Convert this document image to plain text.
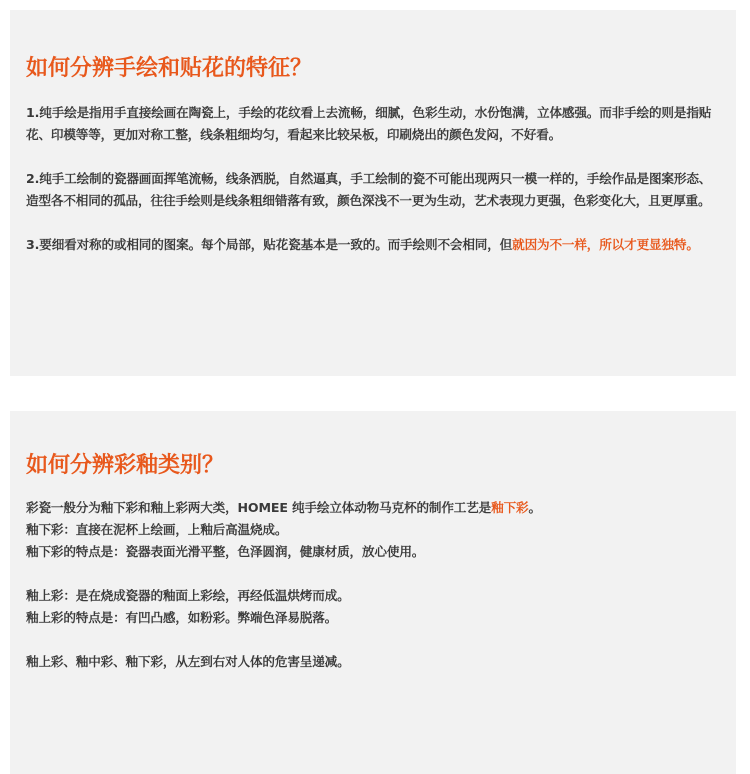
如何分辨手绘和贴花的特征？

1.纯手绘是指用手直接绘画在陶瓷上，手绘的花纹看上去流畅，细腻，色彩生动，水份饱满，立体感强。而非手绘的则是指贴花、印模等等，更加对称工整，线条粗细均匀，看起来比较呆板，印刷烧出的颜色发闷，不好看。

2.纯手工绘制的瓷器画面挥笔流畅，线条洒脱，自然逼真，手工绘制的瓷不可能出现两只一模一样的，手绘作品是图案形态、造型各不相同的孤品，往往手绘则是线条粗细错落有致，颜色深浅不一更为生动，艺术表现力更强，色彩变化大，且更厚重。

3.要细看对称的或相同的图案。每个局部，贴花瓷基本是一致的。而手绘则不会相同，但就因为不一样，所以才更显独特。

如何分辨彩釉类别？
彩瓷一般分为釉下彩和釉上彩两大类，HOMEE 纯手绘立体动物马克杯的制作工艺是釉下彩。
釉下彩：直接在泥杯上绘画，上釉后高温烧成。
釉下彩的特点是：瓷器表面光滑平整，色泽圆润，健康材质，放心使用。
釉上彩：是在烧成瓷器的釉面上彩绘，再经低温烘烤而成。
釉上彩的特点是：有凹凸感，如粉彩。弊端色泽易脱落。
釉上彩、釉中彩、釉下彩，从左到右对人体的危害呈递减。
